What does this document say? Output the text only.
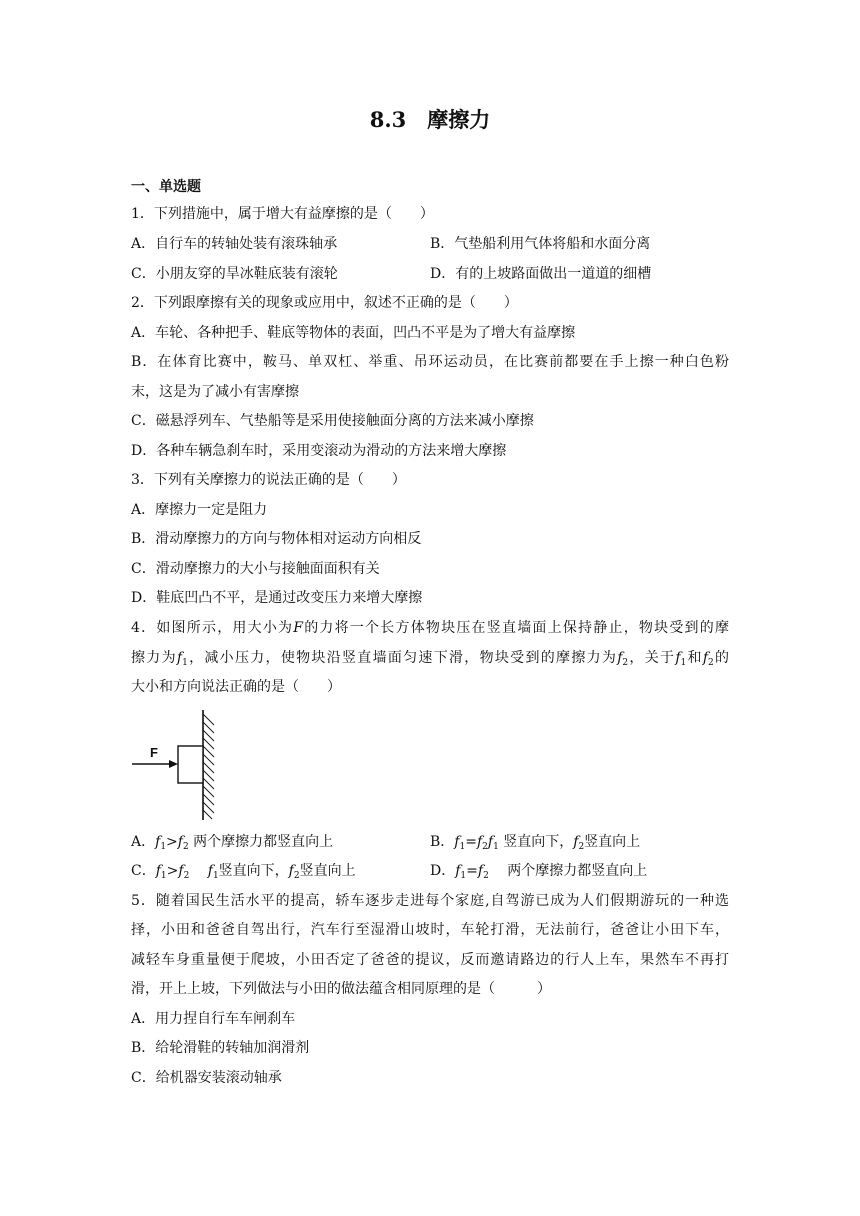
8.3　摩擦力
一、单选题
1．下列措施中，属于增大有益摩擦的是（　　）
A．自行车的转轴处装有滚珠轴承	B．气垫船利用气体将船和水面分离
C．小朋友穿的旱冰鞋底装有滚轮	D．有的上坡路面做出一道道的细槽
2．下列跟摩擦有关的现象或应用中，叙述不正确的是（　　）
A．车轮、各种把手、鞋底等物体的表面，凹凸不平是为了增大有益摩擦
B．在体育比赛中，鞍马、单双杠、举重、吊环运动员，在比赛前都要在手上擦一种白色粉
末，这是为了减小有害摩擦
C．磁悬浮列车、气垫船等是采用使接触面分离的方法来减小摩擦
D．各种车辆急刹车时，采用变滚动为滑动的方法来增大摩擦
3．下列有关摩擦力的说法正确的是（　　）
A．摩擦力一定是阻力
B．滑动摩擦力的方向与物体相对运动方向相反
C．滑动摩擦力的大小与接触面面积有关
D．鞋底凹凸不平，是通过改变压力来增大摩擦
4．如图所示，用大小为F的力将一个长方体物块压在竖直墙面上保持静止，物块受到的摩
擦力为$f_1$，减小压力，使物块沿竖直墙面匀速下滑，物块受到的摩擦力为$f_2$，关于$f_1$和$f_2$的
大小和方向说法正确的是（　　）
F
A．$f_1>f_2$ 两个摩擦力都竖直向上	B．$f_1=f_2f_1$ 竖直向下，$f_2$竖直向上
C．$f_1>f_2$　 $f_1$竖直向下，$f_2$竖直向上	D．$f_1=f_2$　 两个摩擦力都竖直向上
5．随着国民生活水平的提高，轿车逐步走进每个家庭,自驾游已成为人们假期游玩的一种选
择，小田和爸爸自驾出行，汽车行至湿滑山坡时，车轮打滑，无法前行，爸爸让小田下车，
减轻车身重量便于爬坡，小田否定了爸爸的提议，反而邀请路边的行人上车，果然车不再打
滑，开上上坡，下列做法与小田的做法蕴含相同原理的是（　　　）
A．用力捏自行车车闸刹车
B．给轮滑鞋的转轴加润滑剂
C．给机器安装滚动轴承
